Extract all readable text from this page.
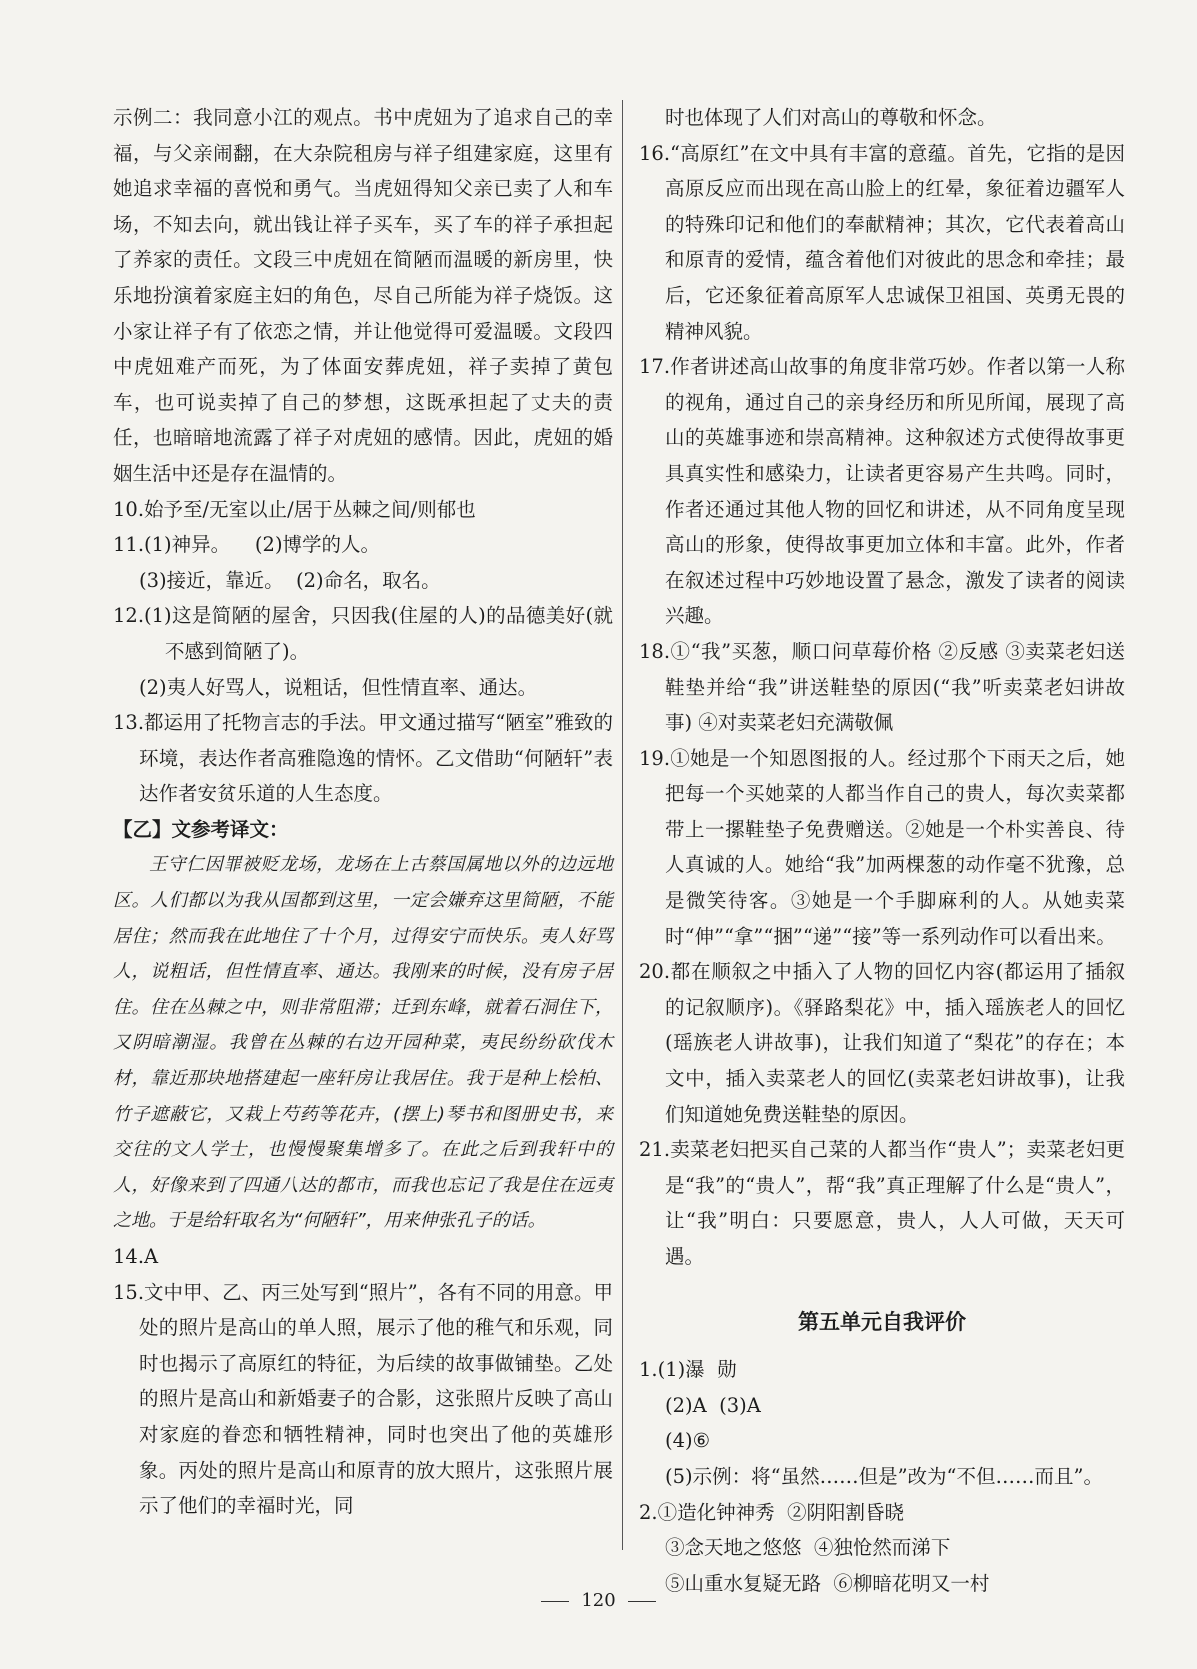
示例二：我同意小江的观点。书中虎妞为了追求自己的幸福，与父亲闹翻，在大杂院租房与祥子组建家庭，这里有她追求幸福的喜悦和勇气。当虎妞得知父亲已卖了人和车场，不知去向，就出钱让祥子买车，买了车的祥子承担起了养家的责任。文段三中虎妞在简陋而温暖的新房里，快乐地扮演着家庭主妇的角色，尽自己所能为祥子烧饭。这小家让祥子有了依恋之情，并让他觉得可爱温暖。文段四中虎妞难产而死，为了体面安葬虎妞，祥子卖掉了黄包车，也可说卖掉了自己的梦想，这既承担起了丈夫的责任，也暗暗地流露了祥子对虎妞的感情。因此，虎妞的婚姻生活中还是存在温情的。

10.始予至/无室以止/居于丛棘之间/则郁也

11.(1)神异。    (2)博学的人。

(3)接近，靠近。  (2)命名，取名。

12.(1)这是简陋的屋舍，只因我(住屋的人)的品德美好(就不感到简陋了)。

(2)夷人好骂人，说粗话，但性情直率、通达。

13.都运用了托物言志的手法。甲文通过描写“陋室”雅致的环境，表达作者高雅隐逸的情怀。乙文借助“何陋轩”表达作者安贫乐道的人生态度。

【乙】文参考译文：

王守仁因罪被贬龙场，龙场在上古蔡国属地以外的边远地区。人们都以为我从国都到这里，一定会嫌弃这里简陋，不能居住；然而我在此地住了十个月，过得安宁而快乐。夷人好骂人，说粗话，但性情直率、通达。我刚来的时候，没有房子居住。住在丛棘之中，则非常阻滞；迁到东峰，就着石洞住下，又阴暗潮湿。我曾在丛棘的右边开园种菜，夷民纷纷砍伐木材，靠近那块地搭建起一座轩房让我居住。我于是种上桧柏、竹子遮蔽它，又栽上芍药等花卉，(摆上)琴书和图册史书，来交往的文人学士，也慢慢聚集增多了。在此之后到我轩中的人，好像来到了四通八达的都市，而我也忘记了我是住在远夷之地。于是给轩取名为“何陋轩”，用来伸张孔子的话。

14.A

15.文中甲、乙、丙三处写到“照片”，各有不同的用意。甲处的照片是高山的单人照，展示了他的稚气和乐观，同时也揭示了高原红的特征，为后续的故事做铺垫。乙处的照片是高山和新婚妻子的合影，这张照片反映了高山对家庭的眷恋和牺牲精神，同时也突出了他的英雄形象。丙处的照片是高山和原青的放大照片，这张照片展示了他们的幸福时光，同

时也体现了人们对高山的尊敬和怀念。

16.“高原红”在文中具有丰富的意蕴。首先，它指的是因高原反应而出现在高山脸上的红晕，象征着边疆军人的特殊印记和他们的奉献精神；其次，它代表着高山和原青的爱情，蕴含着他们对彼此的思念和牵挂；最后，它还象征着高原军人忠诚保卫祖国、英勇无畏的精神风貌。

17.作者讲述高山故事的角度非常巧妙。作者以第一人称的视角，通过自己的亲身经历和所见所闻，展现了高山的英雄事迹和崇高精神。这种叙述方式使得故事更具真实性和感染力，让读者更容易产生共鸣。同时，作者还通过其他人物的回忆和讲述，从不同角度呈现高山的形象，使得故事更加立体和丰富。此外，作者在叙述过程中巧妙地设置了悬念，激发了读者的阅读兴趣。

18.①“我”买葱，顺口问草莓价格 ②反感 ③卖菜老妇送鞋垫并给“我”讲送鞋垫的原因(“我”听卖菜老妇讲故事) ④对卖菜老妇充满敬佩

19.①她是一个知恩图报的人。经过那个下雨天之后，她把每一个买她菜的人都当作自己的贵人，每次卖菜都带上一摞鞋垫子免费赠送。②她是一个朴实善良、待人真诚的人。她给“我”加两棵葱的动作毫不犹豫，总是微笑待客。③她是一个手脚麻利的人。从她卖菜时“伸”“拿”“捆”“递”“接”等一系列动作可以看出来。

20.都在顺叙之中插入了人物的回忆内容(都运用了插叙的记叙顺序)。《驿路梨花》中，插入瑶族老人的回忆(瑶族老人讲故事)，让我们知道了“梨花”的存在；本文中，插入卖菜老人的回忆(卖菜老妇讲故事)，让我们知道她免费送鞋垫的原因。

21.卖菜老妇把买自己菜的人都当作“贵人”；卖菜老妇更是“我”的“贵人”，帮“我”真正理解了什么是“贵人”，让“我”明白：只要愿意，贵人，人人可做，天天可遇。

第五单元自我评价

1.(1)瀑  勋

(2)A  (3)A

(4)⑥

(5)示例：将“虽然……但是”改为“不但……而且”。

2.①造化钟神秀  ②阴阳割昏晓

③念天地之悠悠  ④独怆然而涕下

⑤山重水复疑无路  ⑥柳暗花明又一村

120
